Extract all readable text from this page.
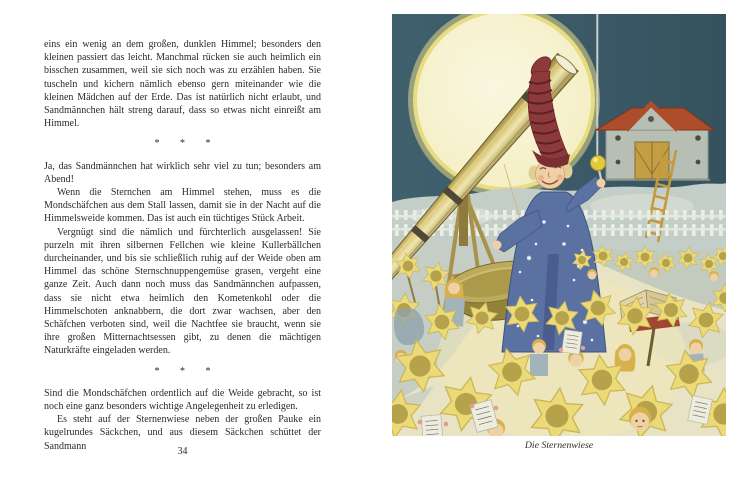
eins ein wenig an dem großen, dunklen Himmel; besonders den kleinen passiert das leicht. Manchmal rücken sie auch heimlich ein bisschen zusammen, weil sie sich noch was zu erzählen haben. Sie tuscheln und kichern nämlich ebenso gern miteinander wie die kleinen Mädchen auf der Erde. Das ist natürlich nicht erlaubt, und Sandmännchen hält streng darauf, dass so etwas nicht einreißt am Himmel.

* * *

Ja, das Sandmännchen hat wirklich sehr viel zu tun; besonders am Abend!

Wenn die Sternchen am Himmel stehen, muss es die Mondschäfchen aus dem Stall lassen, damit sie in der Nacht auf die Himmelsweide kommen. Das ist auch ein tüchtiges Stück Arbeit.

Vergnügt sind die nämlich und fürchterlich ausgelassen! Sie purzeln mit ihren silbernen Fellchen wie kleine Kullerbällchen durcheinander, und bis sie schließlich ruhig auf der Weide oben am Himmel das schöne Sternschnuppengemüse grasen, vergeht eine ganze Zeit. Auch dann noch muss das Sandmännchen aufpassen, dass sie nicht etwa heimlich den Kometenkohl oder die Himmelschoten anknabbern, die dort zwar wachsen, aber den Schäfchen verboten sind, weil die Nachtfee sie braucht, wenn sie ihre großen Mitternachtsessen gibt, zu denen die mächtigen Naturkräfte eingeladen werden.

* * *

Sind die Mondschäfchen ordentlich auf die Weide gebracht, so ist noch eine ganz besonders wichtige Angelegenheit zu erledigen.

Es steht auf der Sternenwiese neben der großen Pauke ein kugelrundes Säckchen, und aus diesem Säckchen schüttet der Sandmann	34
Die Sternenwiese
